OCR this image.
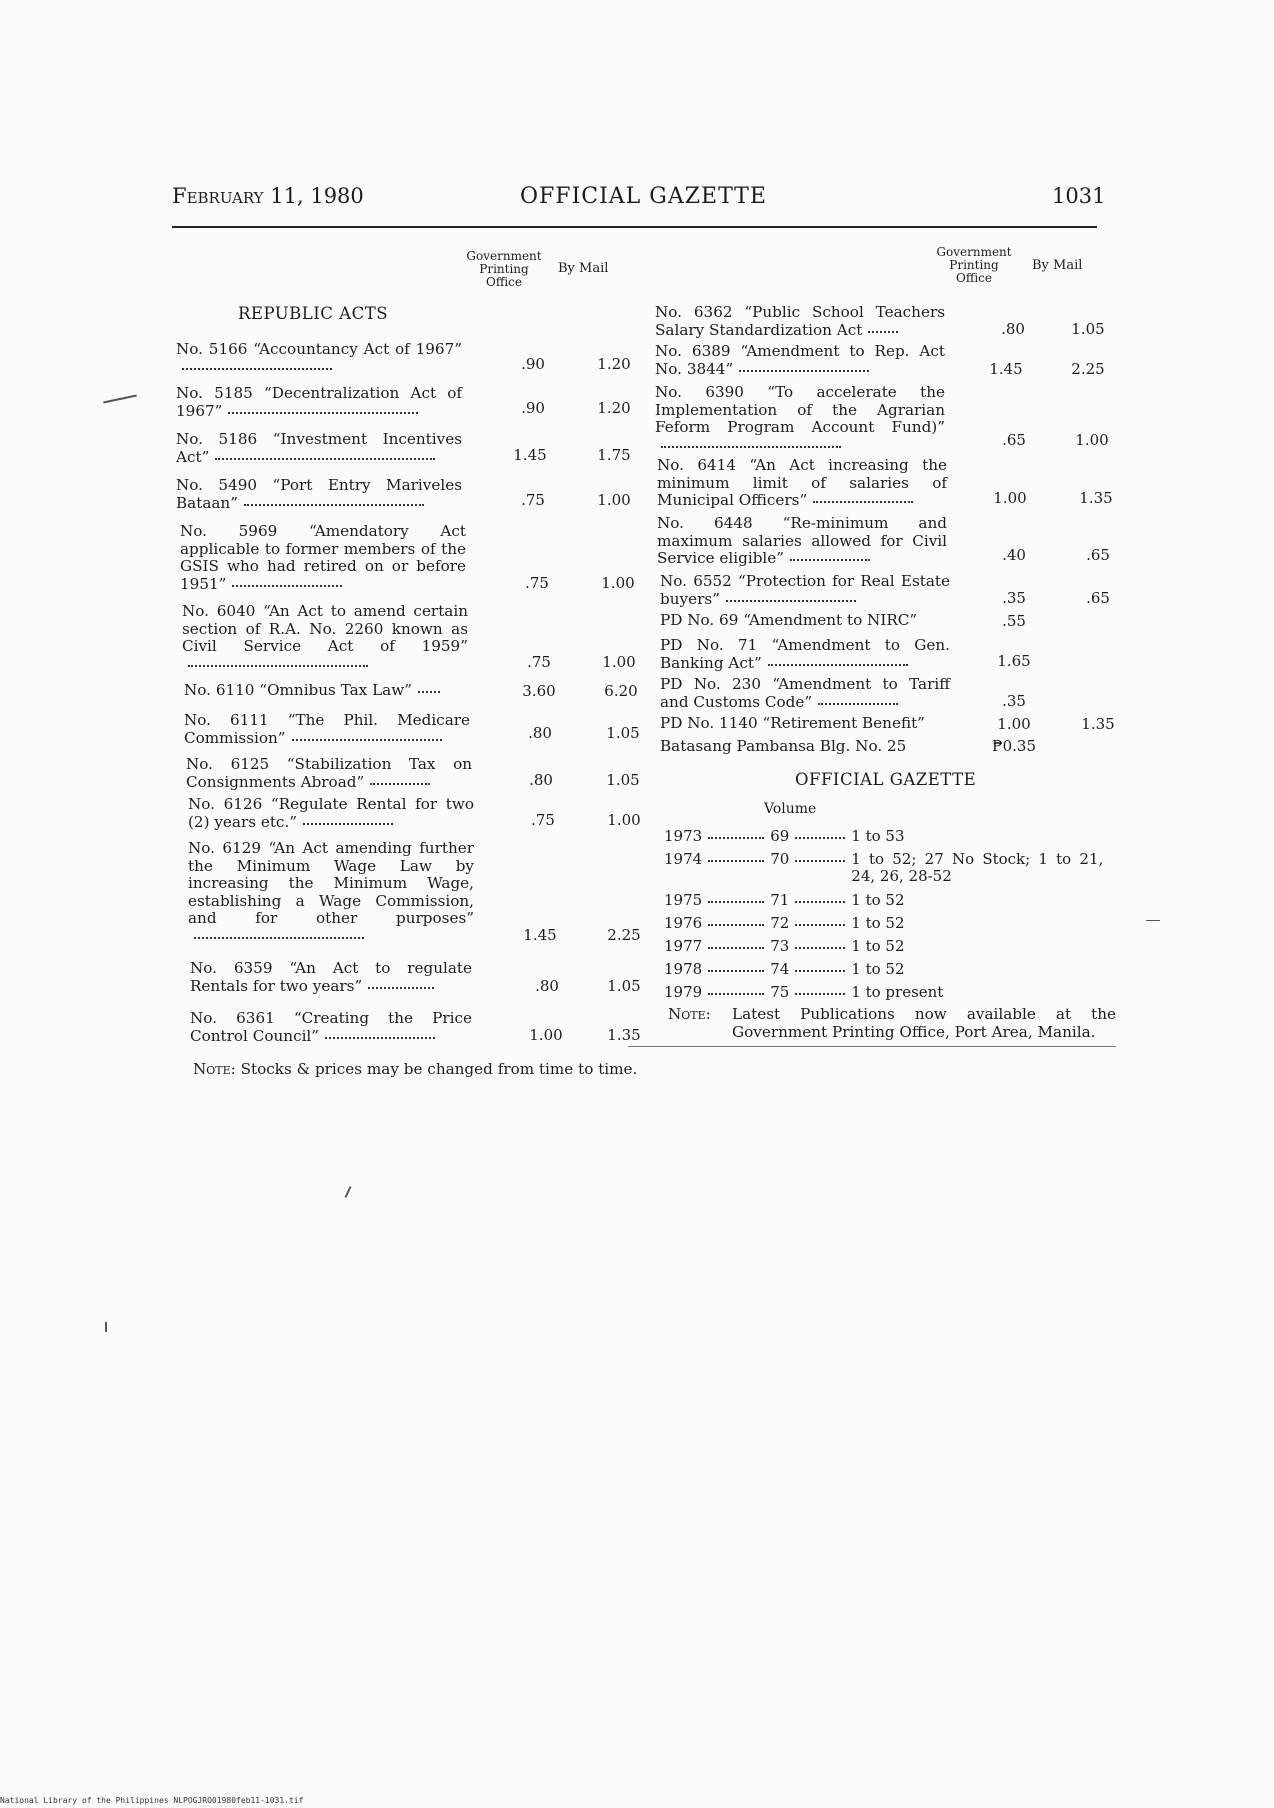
February 11, 1980	OFFICIAL GAZETTE	1031
Government Printing Office
By Mail
Government Printing Office
By Mail
REPUBLIC ACTS
No. 5166 “Accountancy Act of 1967”
.90	1.20
No. 5185 “Decentralization Act of 1967”	.90	1.20
No. 5186 “Investment Incentives Act”	1.45	1.75
No. 5490 “Port Entry Mariveles Bataan”	.75	1.00
No. 5969 “Amendatory Act applicable to former members of the GSIS who had retired on or before 1951”	.75	1.00
No. 6040 “An Act to amend certain section of R.A. No. 2260 known as Civil Service Act of 1959”
.75	1.00
No. 6110 “Omnibus Tax Law”	3.60	6.20
No. 6111 “The Phil. Medicare Commission”	.80	1.05
No. 6125 “Stabilization Tax on Consignments Abroad”	.80	1.05
No. 6126 “Regulate Rental for two (2) years etc.”	.75	1.00
No. 6129 “An Act amending further the Minimum Wage Law by increasing the Minimum Wage, establishing a Wage Commission, and for other purposes”
1.45	2.25
No. 6359 “An Act to regulate Rentals for two years”	.80	1.05
No. 6361 “Creating the Price Control Council”	1.00	1.35
No. 6362 “Public School Teachers Salary Standardization Act	.80	1.05
No. 6389 “Amendment to Rep. Act No. 3844”	1.45	2.25
No. 6390 “To accelerate the Implementation of the Agrarian Feform Program Account Fund)”
.65	1.00
No. 6414 “An Act increasing the minimum limit of salaries of Municipal Officers”	1.00	1.35
No. 6448 “Re-minimum and maximum salaries allowed for Civil Service eligible”	.40	.65
No. 6552 “Protection for Real Estate buyers”	.35	.65
PD No. 69 “Amendment to NIRC”	.55
PD No. 71 “Amendment to Gen. Banking Act”	1.65
PD No. 230 “Amendment to Tariff and Customs Code”	.35
PD No. 1140 “Retirement Benefit”	1.00	1.35
Batasang Pambansa Blg. No. 25	₱0.35
OFFICIAL GAZETTE
Volume
1973	69	1 to 53
1974	70	1 to 52; 27 No Stock; 1 to 21, 24, 26, 28-52
1975	71	1 to 52
1976	72	1 to 52
1977	73	1 to 52
1978	74	1 to 52
1979	75	1 to present
Note:	Latest Publications now available at the Government Printing Office, Port Area, Manila.
Note: Stocks & prices may be changed from time to time.
National Library of the Philippines NLPOGJRO01980feb11-1031.tif
